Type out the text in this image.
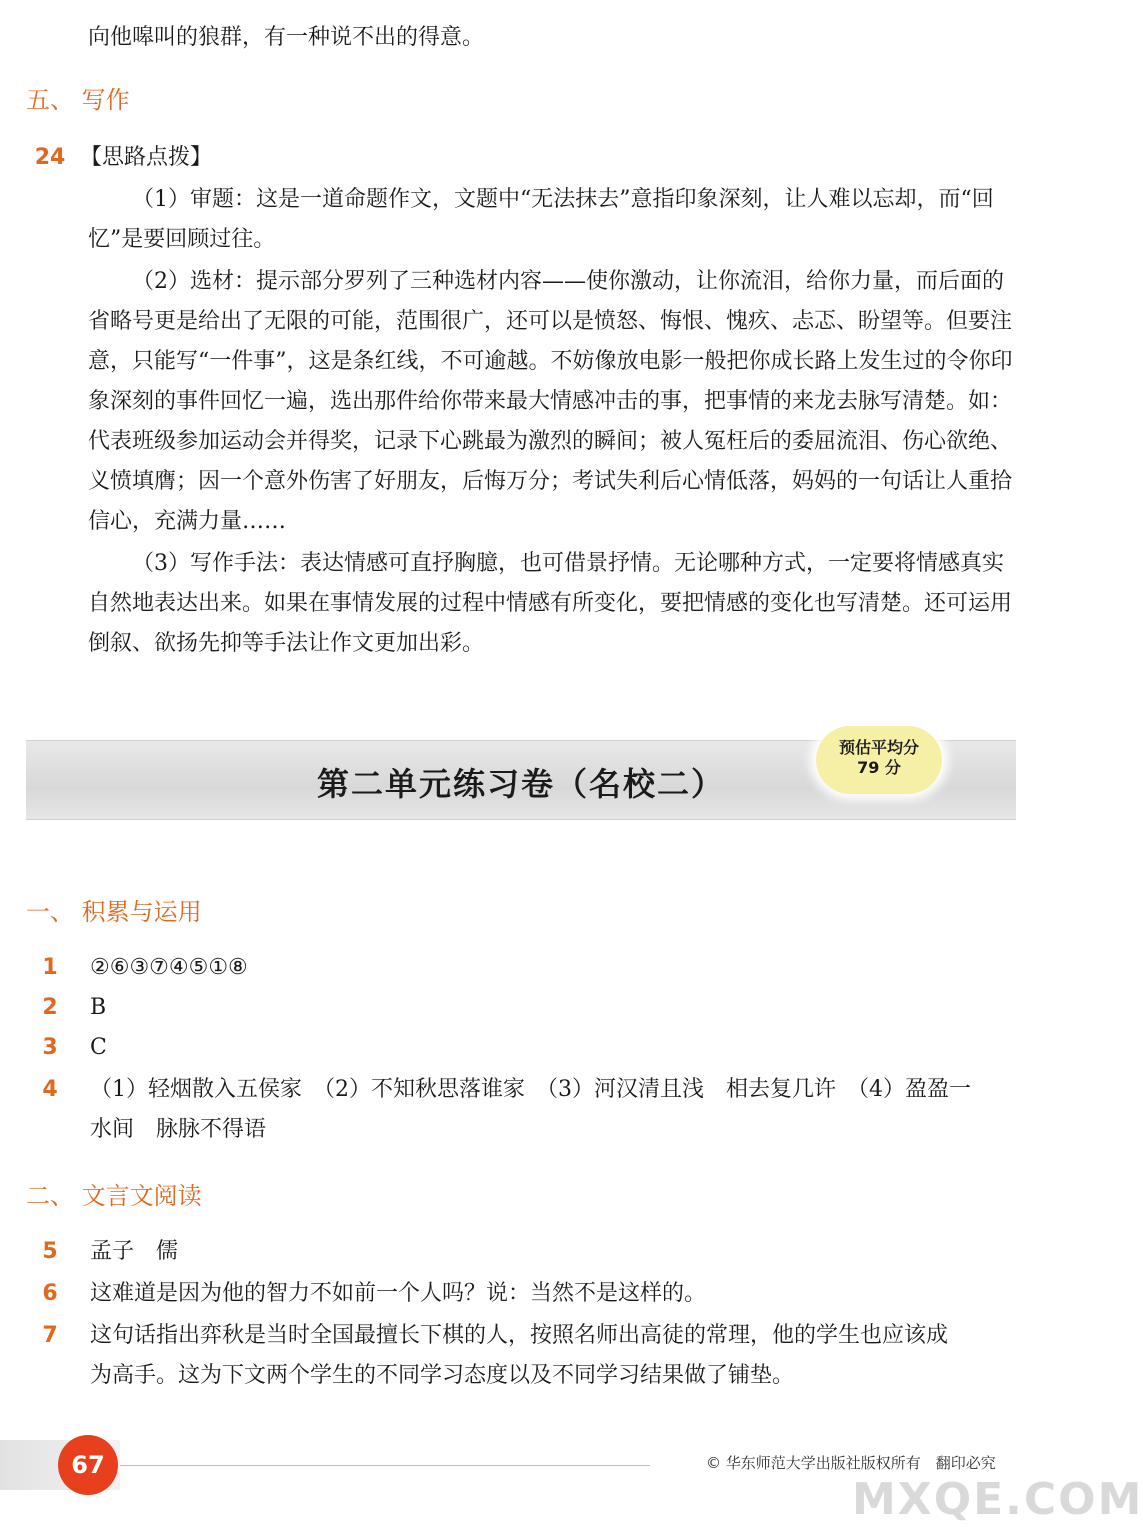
向他嗥叫的狼群，有一种说不出的得意。
五、 写作
24 【思路点拨】
（1）审题：这是一道命题作文，文题中“无法抹去”意指印象深刻，让人难以忘却，而“回忆”是要回顾过往。
（2）选材：提示部分罗列了三种选材内容——使你激动，让你流泪，给你力量，而后面的省略号更是给出了无限的可能，范围很广，还可以是愤怒、悔恨、愧疚、忐忑、盼望等。但要注意，只能写“一件事”，这是条红线，不可逾越。不妨像放电影一般把你成长路上发生过的令你印象深刻的事件回忆一遍，选出那件给你带来最大情感冲击的事，把事情的来龙去脉写清楚。如：代表班级参加运动会并得奖，记录下心跳最为激烈的瞬间；被人冤枉后的委屈流泪、伤心欲绝、义愤填膺；因一个意外伤害了好朋友，后悔万分；考试失利后心情低落，妈妈的一句话让人重拾信心，充满力量……
（3）写作手法：表达情感可直抒胸臆，也可借景抒情。无论哪种方式，一定要将情感真实自然地表达出来。如果在事情发展的过程中情感有所变化，要把情感的变化也写清楚。还可运用倒叙、欲扬先抑等手法让作文更加出彩。
第二单元练习卷（名校二）
预估平均分
79 分
一、 积累与运用
1	②⑥③⑦④⑤①⑧
2	B
3	C
4	（1）轻烟散入五侯家　（2）不知秋思落谁家　（3）河汉清且浅　相去复几许　（4）盈盈一
水间　脉脉不得语
二、 文言文阅读
5	孟子　儒
6	这难道是因为他的智力不如前一个人吗？说：当然不是这样的。
7	这句话指出弈秋是当时全国最擅长下棋的人，按照名师出高徒的常理，他的学生也应该成
为高手。这为下文两个学生的不同学习态度以及不同学习结果做了铺垫。
67	© 华东师范大学出版社版权所有　翻印必究
MXQE.COM
